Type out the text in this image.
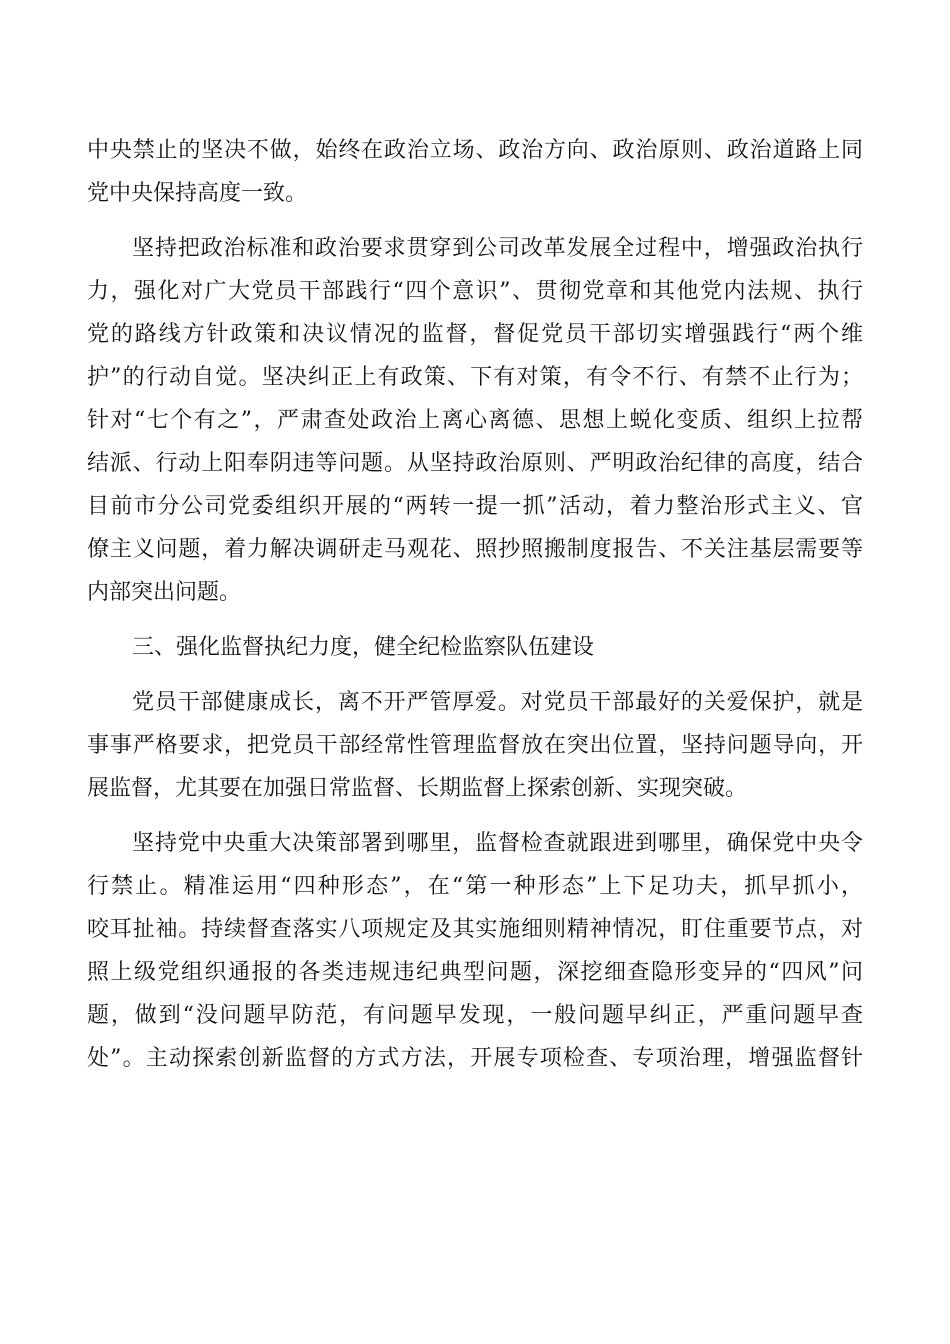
中央禁止的坚决不做，始终在政治立场、政治方向、政治原则、政治道路上同
党中央保持高度一致。
坚持把政治标准和政治要求贯穿到公司改革发展全过程中，增强政治执行
力，强化对广大党员干部践行“四个意识”、贯彻党章和其他党内法规、执行
党的路线方针政策和决议情况的监督，督促党员干部切实增强践行“两个维
护”的行动自觉。坚决纠正上有政策、下有对策，有令不行、有禁不止行为；
针对“七个有之”，严肃查处政治上离心离德、思想上蜕化变质、组织上拉帮
结派、行动上阳奉阴违等问题。从坚持政治原则、严明政治纪律的高度，结合
目前市分公司党委组织开展的“两转一提一抓”活动，着力整治形式主义、官
僚主义问题，着力解决调研走马观花、照抄照搬制度报告、不关注基层需要等
内部突出问题。
三、强化监督执纪力度，健全纪检监察队伍建设
党员干部健康成长，离不开严管厚爱。对党员干部最好的关爱保护，就是
事事严格要求，把党员干部经常性管理监督放在突出位置，坚持问题导向，开
展监督，尤其要在加强日常监督、长期监督上探索创新、实现突破。
坚持党中央重大决策部署到哪里，监督检查就跟进到哪里，确保党中央令
行禁止。精准运用“四种形态”，在“第一种形态”上下足功夫，抓早抓小，
咬耳扯袖。持续督查落实八项规定及其实施细则精神情况，盯住重要节点，对
照上级党组织通报的各类违规违纪典型问题，深挖细查隐形变异的“四风”问
题，做到“没问题早防范，有问题早发现，一般问题早纠正，严重问题早查
处”。主动探索创新监督的方式方法，开展专项检查、专项治理，增强监督针
